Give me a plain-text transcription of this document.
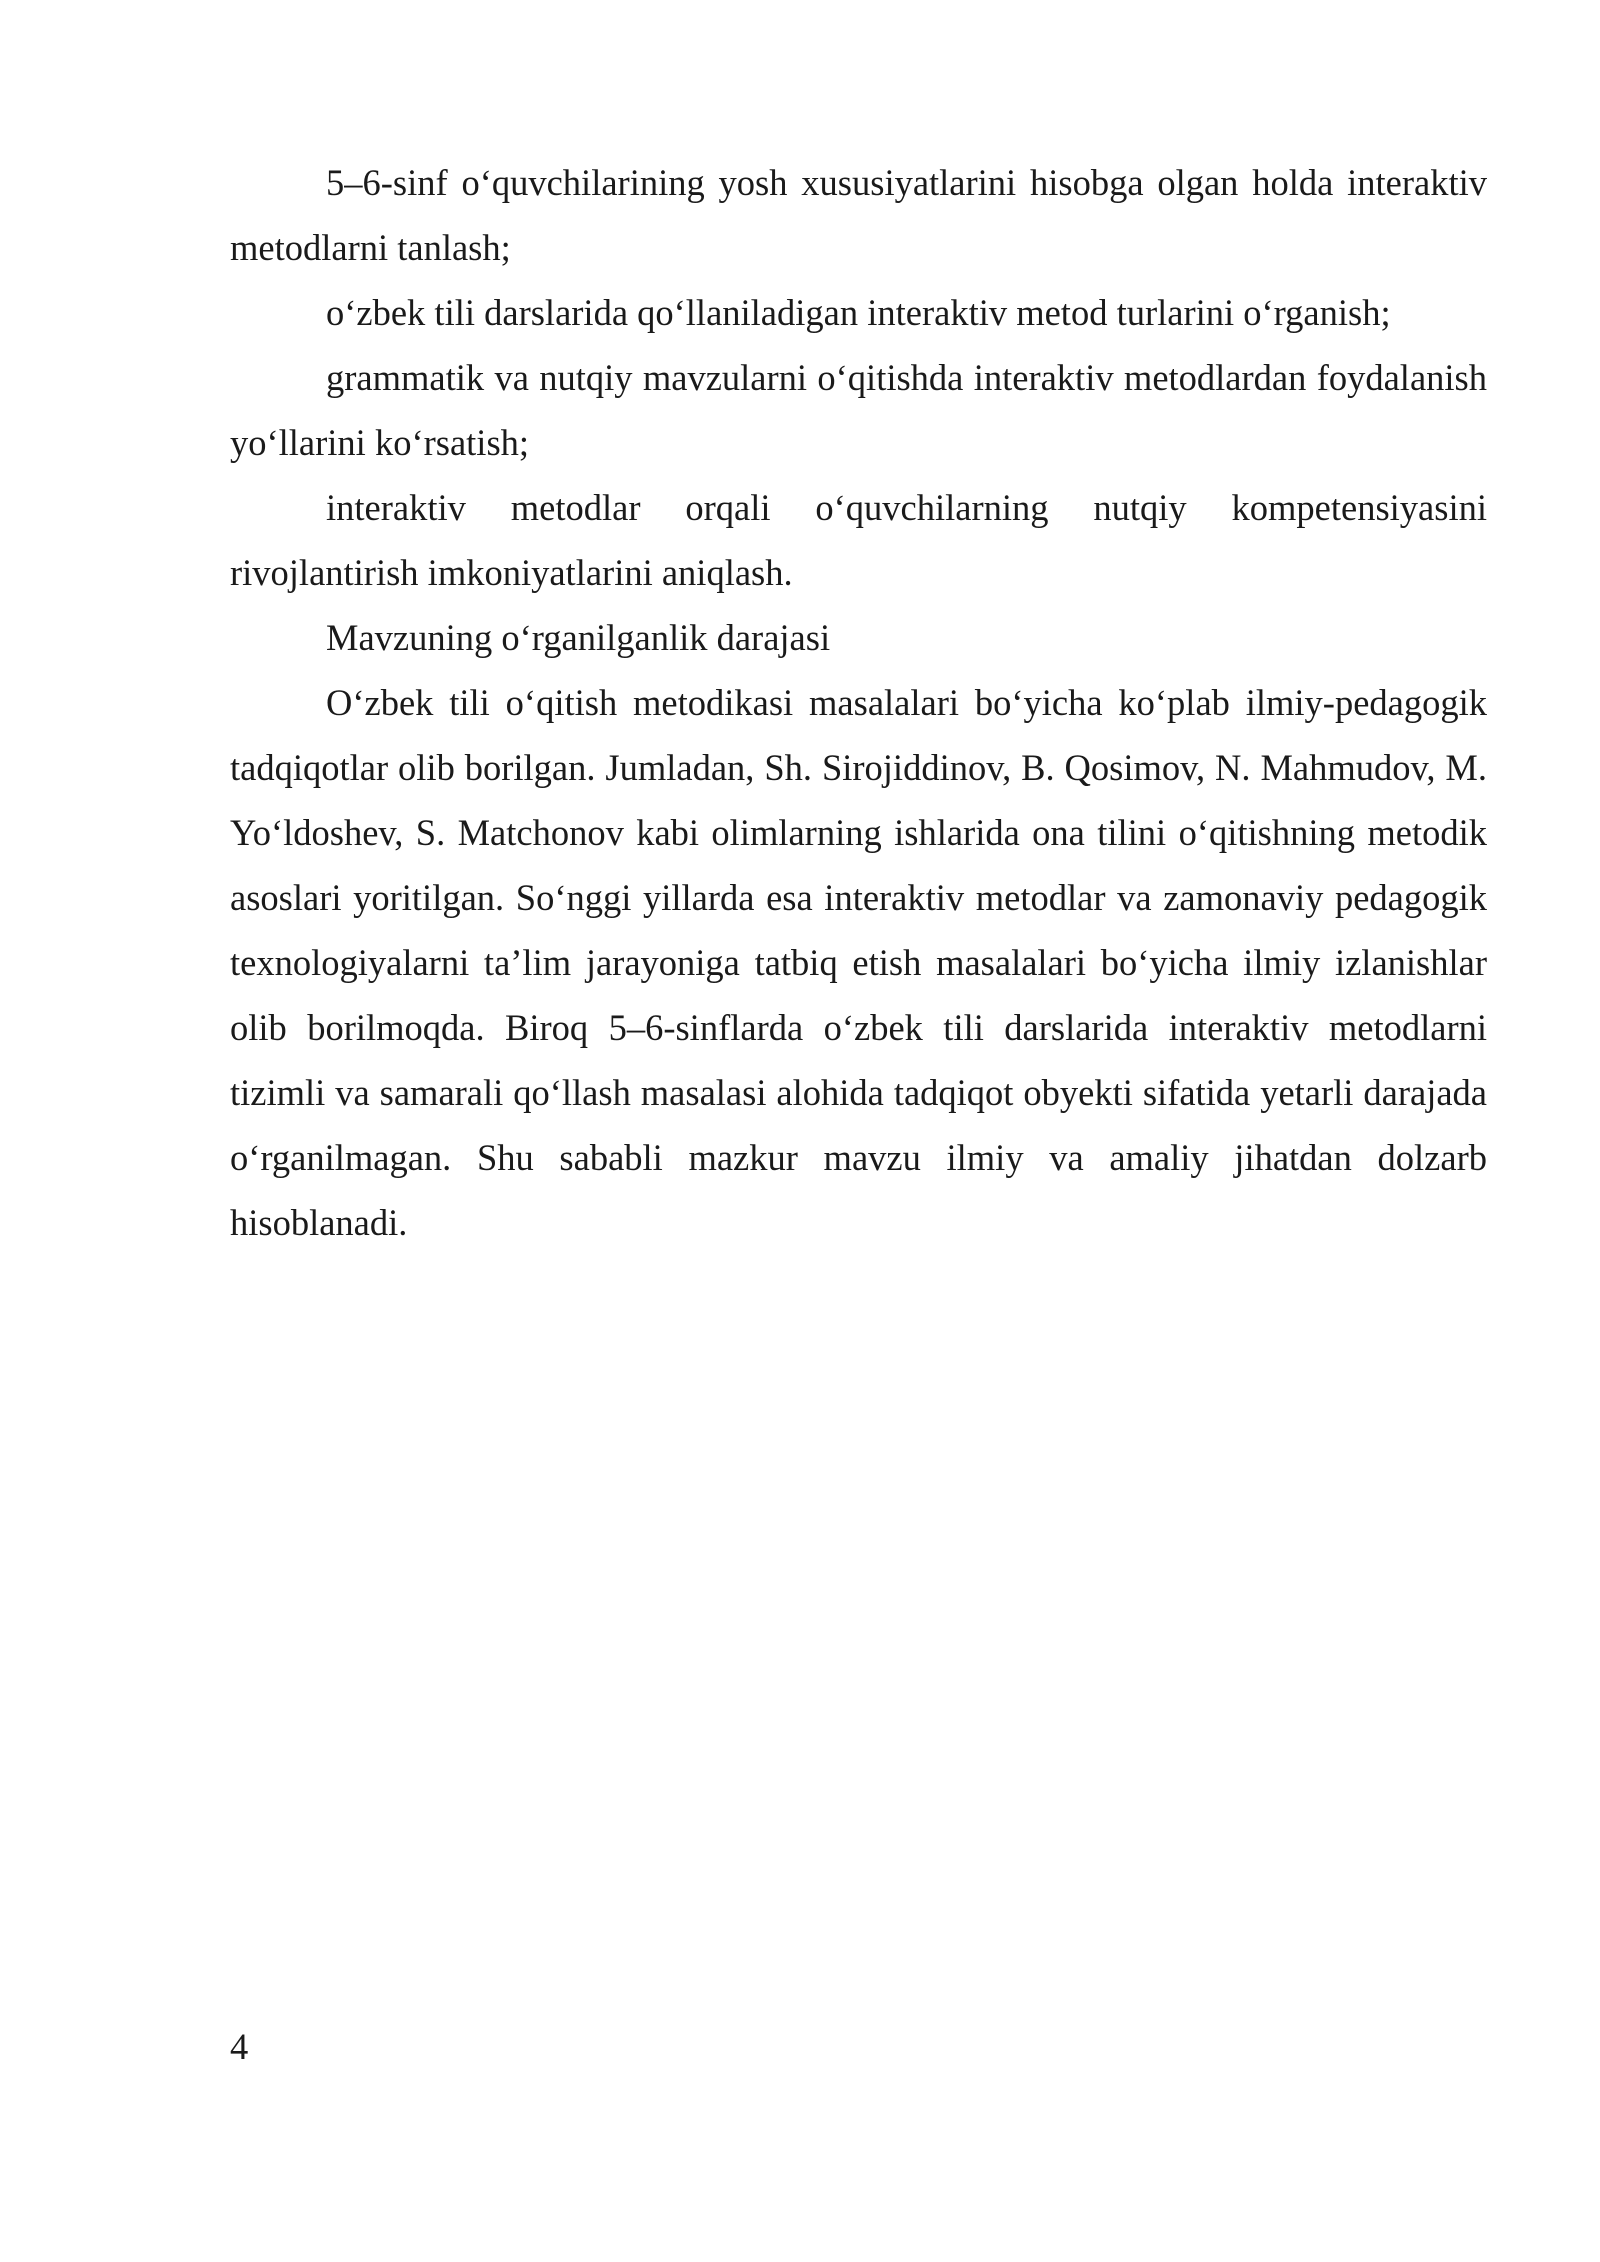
5–6-sinf o‘quvchilarining yosh xususiyatlarini hisobga olgan holda interaktiv metodlarni tanlash;

o‘zbek tili darslarida qo‘llaniladigan interaktiv metod turlarini o‘rganish;

grammatik va nutqiy mavzularni o‘qitishda interaktiv metodlardan foydalanish yo‘llarini ko‘rsatish;

interaktiv metodlar orqali o‘quvchilarning nutqiy kompetensiyasini rivojlantirish imkoniyatlarini aniqlash.

Mavzuning o‘rganilganlik darajasi

O‘zbek tili o‘qitish metodikasi masalalari bo‘yicha ko‘plab ilmiy-pedagogik tadqiqotlar olib borilgan. Jumladan, Sh. Sirojiddinov, B. Qosimov, N. Mahmudov, M. Yo‘ldoshev, S. Matchonov kabi olimlarning ishlarida ona tilini o‘qitishning metodik asoslari yoritilgan. So‘nggi yillarda esa interaktiv metodlar va zamonaviy pedagogik texnologiyalarni ta’lim jarayoniga tatbiq etish masalalari bo‘yicha ilmiy izlanishlar olib borilmoqda. Biroq 5–6-sinflarda o‘zbek tili darslarida interaktiv metodlarni tizimli va samarali qo‘llash masalasi alohida tadqiqot obyekti sifatida yetarli darajada o‘rganilmagan. Shu sababli mazkur mavzu ilmiy va amaliy jihatdan dolzarb hisoblanadi.

4
